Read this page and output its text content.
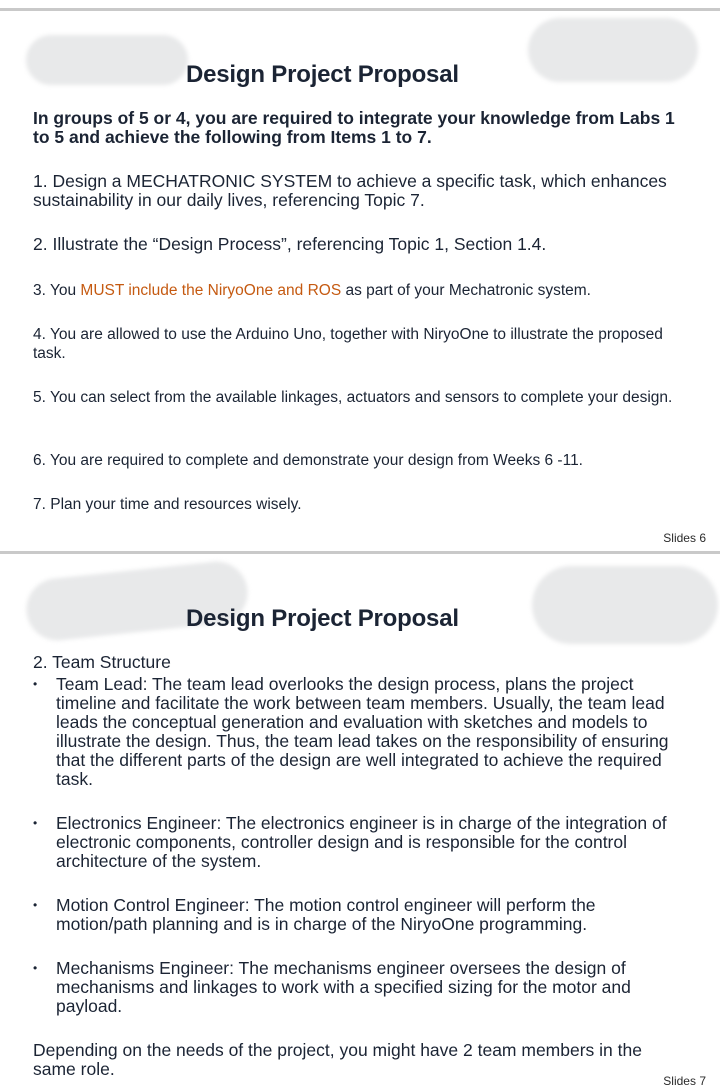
Design Project Proposal

In groups of 5 or 4, you are required to integrate your knowledge from Labs 1 to 5 and achieve the following from Items 1 to 7.

1. Design a MECHATRONIC SYSTEM to achieve a specific task, which enhances sustainability in our daily lives, referencing Topic 7.

2. Illustrate the “Design Process”, referencing Topic 1, Section 1.4.

3. You MUST include the NiryoOne and ROS as part of your Mechatronic system.

4. You are allowed to use the Arduino Uno, together with NiryoOne to illustrate the proposed task.

5. You can select from the available linkages, actuators and sensors to complete your design.

6. You are required to complete and demonstrate your design from Weeks 6 -11.

7. Plan your time and resources wisely.

Slides 6
Design Project Proposal

2. Team Structure

• Team Lead: The team lead overlooks the design process, plans the project timeline and facilitate the work between team members. Usually, the team lead leads the conceptual generation and evaluation with sketches and models to illustrate the design. Thus, the team lead takes on the responsibility of ensuring that the different parts of the design are well integrated to achieve the required task.
• Electronics Engineer: The electronics engineer is in charge of the integration of electronic components, controller design and is responsible for the control architecture of the system.
• Motion Control Engineer: The motion control engineer will perform the motion/path planning and is in charge of the NiryoOne programming.
• Mechanisms Engineer: The mechanisms engineer oversees the design of mechanisms and linkages to work with a specified sizing for the motor and payload.

Depending on the needs of the project, you might have 2 team members in the same role.

Slides 7
